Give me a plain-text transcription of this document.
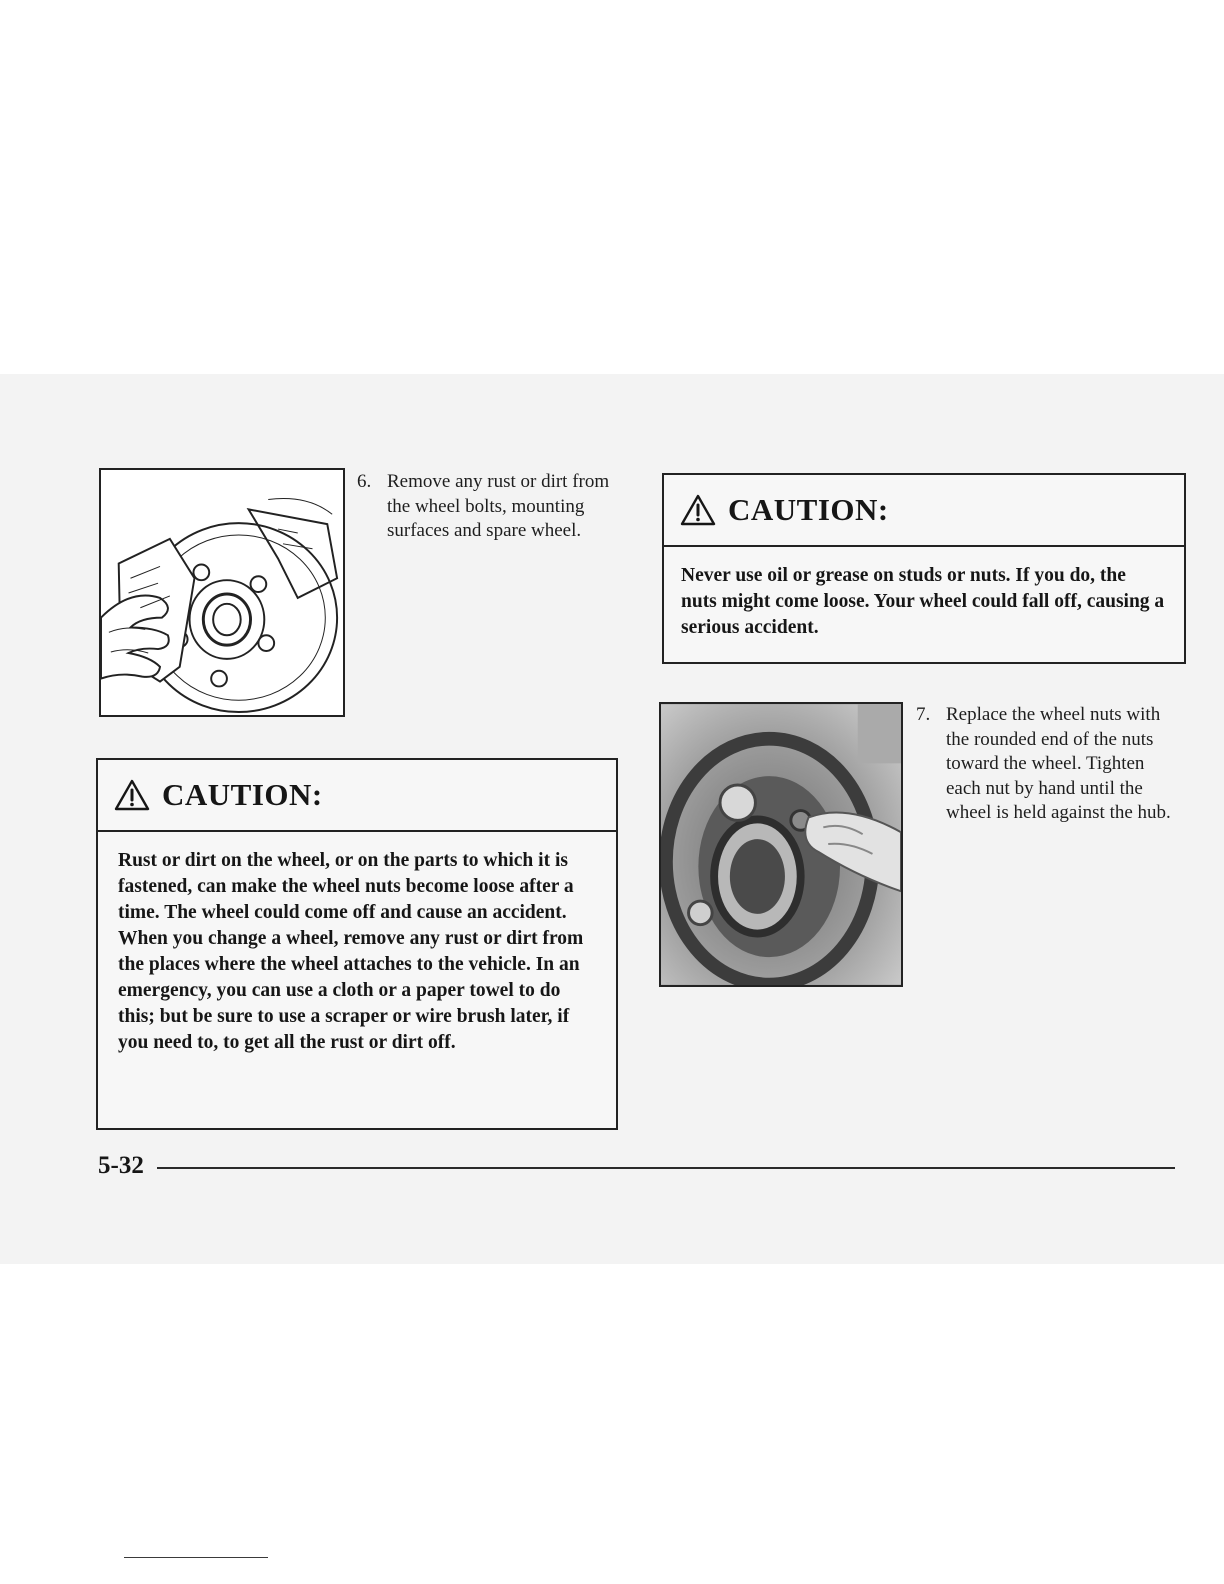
6. Remove any rust or dirt from the wheel bolts, mounting surfaces and spare wheel.
CAUTION:
Never use oil or grease on studs or nuts. If you do, the nuts might come loose. Your wheel could fall off, causing a serious accident.
7. Replace the wheel nuts with the rounded end of the nuts toward the wheel. Tighten each nut by hand until the wheel is held against the hub.
CAUTION:
Rust or dirt on the wheel, or on the parts to which it is fastened, can make the wheel nuts become loose after a time. The wheel could come off and cause an accident. When you change a wheel, remove any rust or dirt from the places where the wheel attaches to the vehicle. In an emergency, you can use a cloth or a paper towel to do this; but be sure to use a scraper or wire brush later, if you need to, to get all the rust or dirt off.
5-32
